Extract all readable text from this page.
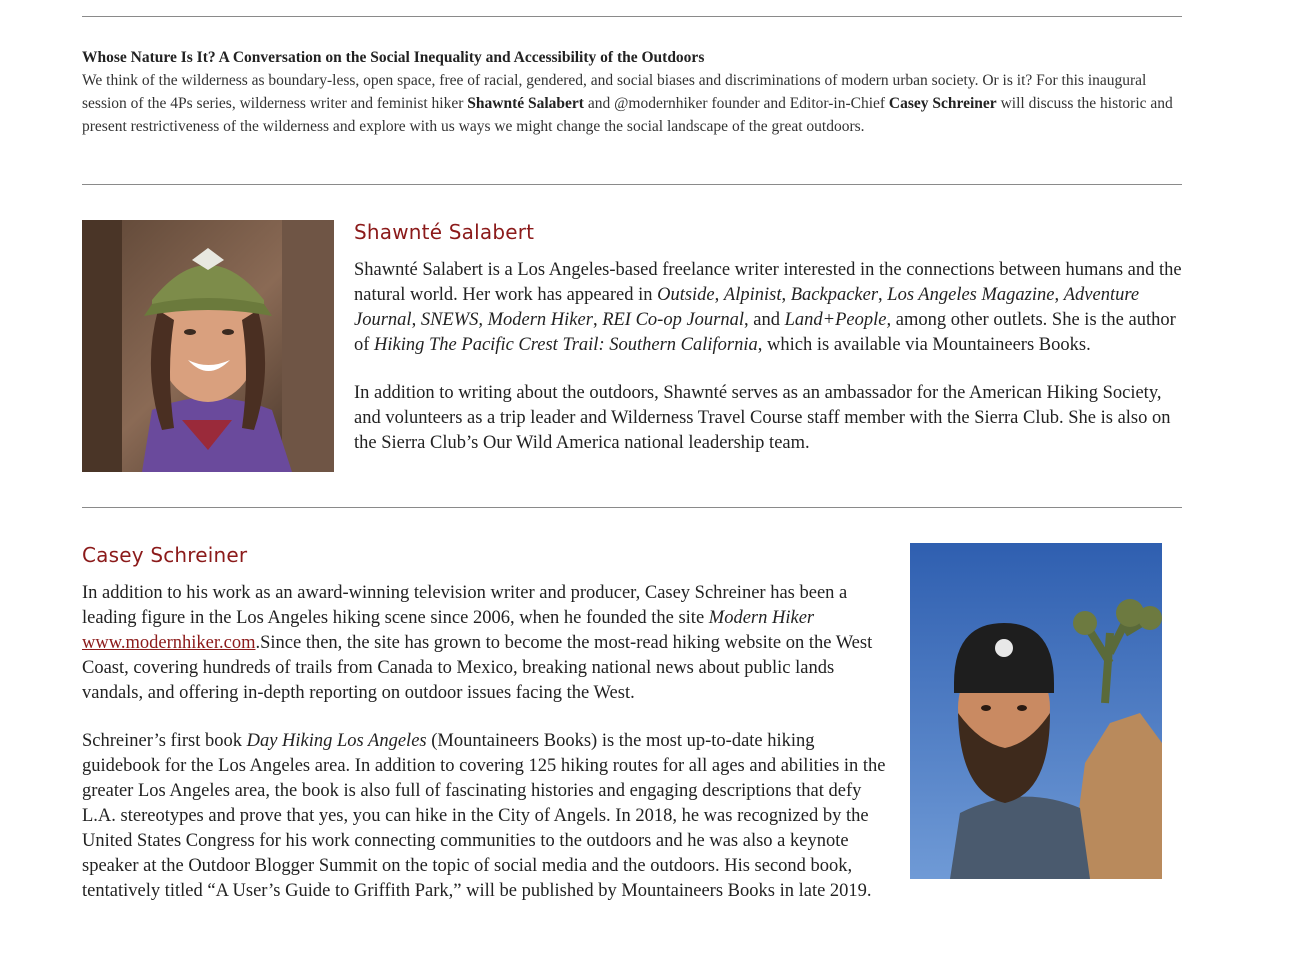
Whose Nature Is It? A Conversation on the Social Inequality and Accessibility of the Outdoors
We think of the wilderness as boundary-less, open space, free of racial, gendered, and social biases and discriminations of modern urban society. Or is it? For this inaugural session of the 4Ps series, wilderness writer and feminist hiker Shawnté Salabert and @modernhiker founder and Editor-in-Chief Casey Schreiner will discuss the historic and present restrictiveness of the wilderness and explore with us ways we might change the social landscape of the great outdoors.
Shawnté Salabert

Shawnté Salabert is a Los Angeles-based freelance writer interested in the connections between humans and the natural world. Her work has appeared in Outside, Alpinist, Backpacker, Los Angeles Magazine, Adventure Journal, SNEWS, Modern Hiker, REI Co-op Journal, and Land+People, among other outlets. She is the author of Hiking The Pacific Crest Trail: Southern California, which is available via Mountaineers Books.

In addition to writing about the outdoors, Shawnté serves as an ambassador for the American Hiking Society, and volunteers as a trip leader and Wilderness Travel Course staff member with the Sierra Club. She is also on the Sierra Club’s Our Wild America national leadership team.

Casey Schreiner

In addition to his work as an award-winning television writer and producer, Casey Schreiner has been a leading figure in the Los Angeles hiking scene since 2006, when he founded the site Modern Hiker
www.modernhiker.com.Since then, the site has grown to become the most-read hiking website on the West Coast, covering hundreds of trails from Canada to Mexico, breaking national news about public lands vandals, and offering in-depth reporting on outdoor issues facing the West.

Schreiner’s first book Day Hiking Los Angeles (Mountaineers Books) is the most up-to-date hiking guidebook for the Los Angeles area. In addition to covering 125 hiking routes for all ages and abilities in the greater Los Angeles area, the book is also full of fascinating histories and engaging descriptions that defy L.A. stereotypes and prove that yes, you can hike in the City of Angels. In 2018, he was recognized by the United States Congress for his work connecting communities to the outdoors and he was also a keynote speaker at the Outdoor Blogger Summit on the topic of social media and the outdoors. His second book, tentatively titled “A User’s Guide to Griffith Park,” will be published by Mountaineers Books in late 2019.
